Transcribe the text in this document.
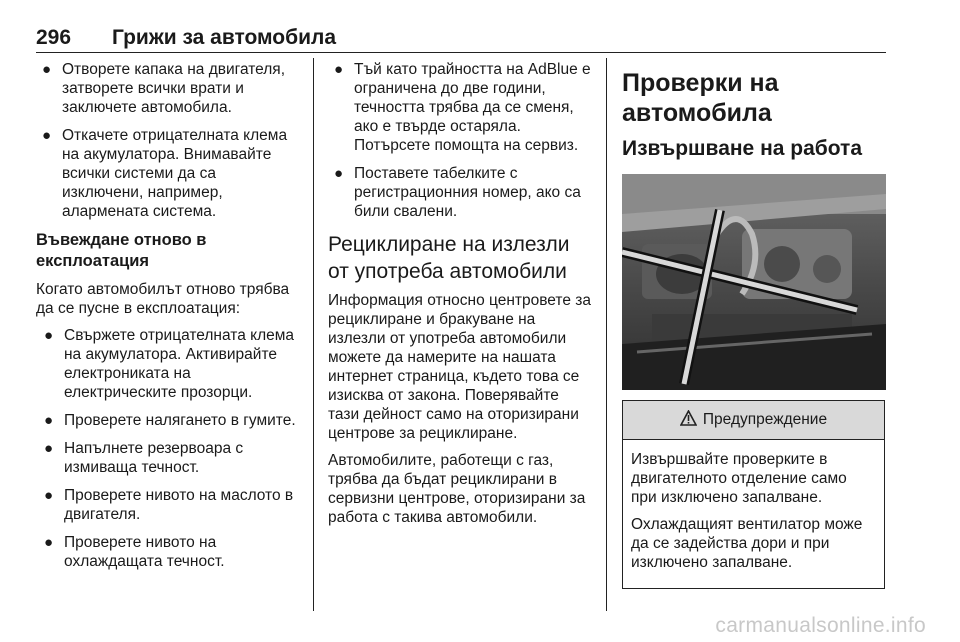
296 Грижи за автомобила
● Отворете капака на двигателя, затворете всички врати и заключете автомобила.
● Откачете отрицателната клема на акумулатора. Внимавайте всички системи да са изключени, например, алармената система.
Въвеждане отново в експлоатация

Когато автомобилът отново трябва да се пусне в експлоатация:

● Свържете отрицателната клема на акумулатора. Активирайте електрониката на електрическите прозорци.
● Проверете налягането в гумите.
● Напълнете резервоара с измиваща течност.
● Проверете нивото на маслото в двигателя.
● Проверете нивото на охлаждащата течност.
● Тъй като трайността на AdBlue е ограничена до две години, течността трябва да се сменя, ако е твърде остаряла. Потърсете помощта на сервиз.
● Поставете табелките с регистрационния номер, ако са били свалени.
Рециклиране на излезли от употреба автомобили

Информация относно центровете за рециклиране и бракуване на излезли от употреба автомобили можете да намерите на нашата интернет страница, където това се изисква от закона. Поверявайте тази дейност само на оторизирани центрове за рециклиране.

Автомобилите, работещи с газ, трябва да бъдат рециклирани в сервизни центрове, оторизирани за работа с такива автомобили.

Проверки на автомобила
Извършване на работа
Предупреждение

Извършвайте проверките в двигателното отделение само при изключено запалване.

Охлаждащият вентилатор може да се задейства дори и при изключено запалване.

carmanualsonline.info
